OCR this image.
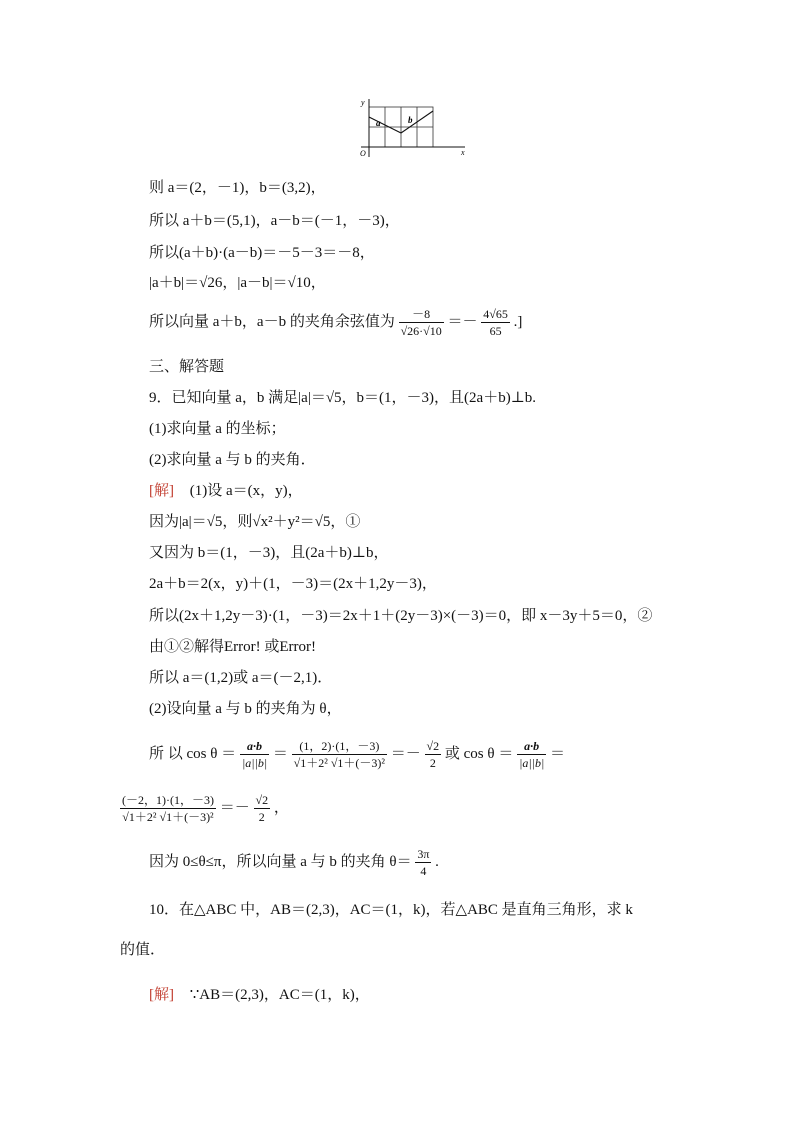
y
x
O
a	b
则 a＝(2，－1)，b＝(3,2)，
所以 a＋b＝(5,1)，a－b＝(－1，－3)，
所以(a＋b)·(a－b)＝－5－3＝－8，
|a＋b|＝√26，|a－b|＝√10，
所以向量 a＋b，a－b 的夹角余弦值为 $\frac{-8}{√26\cdot√10} =- \frac{4√65}{65}$ .]
三、解答题
9．已知向量 a，b 满足|a|＝√5，b＝(1，－3)，且(2a＋b)⊥b.
(1)求向量 a 的坐标；
(2)求向量 a 与 b 的夹角．
[解] (1)设 a＝(x，y)，
因为|a|＝√5，则√x²＋y²＝√5，①
又因为 b＝(1，－3)，且(2a＋b)⊥b，
2a＋b＝2(x，y)＋(1，－3)＝(2x＋1,2y－3)，
所以(2x＋1,2y－3)·(1，－3)＝2x＋1＋(2y－3)×(－3)＝0，即 x－3y＋5＝0，②
由①②解得Error! 或Error!
所以 a＝(1,2)或 a＝(－2,1)．
(2)设向量 a 与 b 的夹角为 θ，
所 以 $\cos \theta = \frac{a\cdot b}{|a||b|} = \frac{(1,2)\cdot(1,-3)}{\text{√1＋2² √1＋(－3)²}} =- \frac{√2}{2}$ 或 $\cos \theta = \frac{a\cdot b}{|a||b|}$ ＝
$\frac{(-2,1)\cdot(1,-3)}{\text{√1＋2² √1＋(－3)²}} =- \frac{√2}{2}$ ，
因为 0≤θ≤π，所以向量 a 与 b 的夹角 $\theta= \frac{3\pi}{4}$ .
10．在△ABC 中，AB＝(2,3)，AC＝(1，k)，若△ABC 是直角三角形，求 k
的值．
[解] ∵AB＝(2,3)，AC＝(1，k)，
